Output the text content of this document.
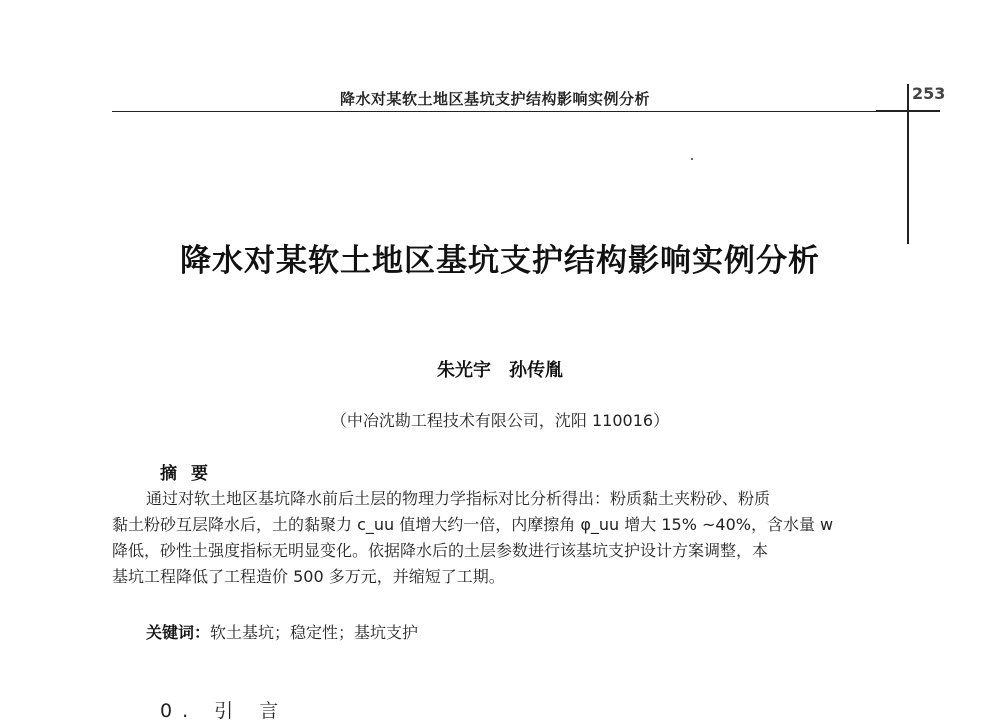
降水对某软土地区基坑支护结构影响实例分析	253
降水对某软土地区基坑支护结构影响实例分析
朱光宇　孙传胤
（中冶沈勘工程技术有限公司，沈阳 110016）
摘要
通过对软土地区基坑降水前后土层的物理力学指标对比分析得出：粉质黏土夹粉砂、粉质
黏土粉砂互层降水后，土的黏聚力 c_uu 值增大约一倍，内摩擦角 φ_uu 增大 15% ~40%，含水量 w
降低，砂性土强度指标无明显变化。依据降水后的土层参数进行该基坑支护设计方案调整，本
基坑工程降低了工程造价 500 多万元，并缩短了工期。
关键词：软土基坑；稳定性；基坑支护
0. 引 言
